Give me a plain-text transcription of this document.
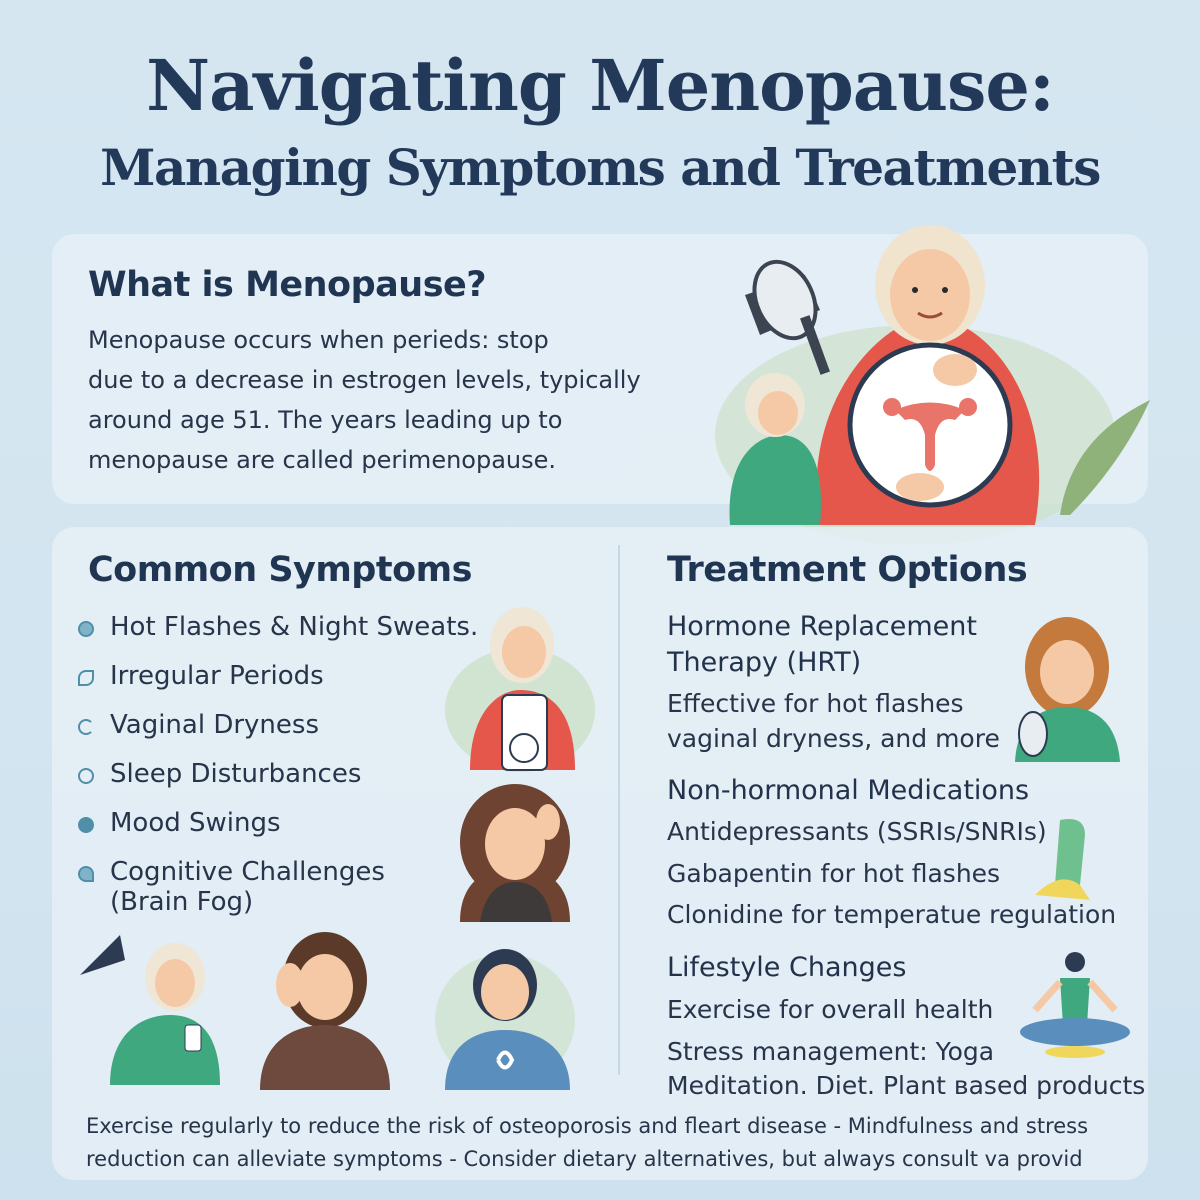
Navigating Menopause:
Managing Symptoms and Treatments
What is Menopause?
Menopause occurs when periеds: stop
due to a decrease in estrogen levels, typically
around age 51. The years leading up to
menopause are called perimenopause.
Common Symptoms
Hot Flashes & Night Sweats.
Irregular Periods
Vaginal Dryness
Sleep Disturbances
Mood Swings
Cognitive Challenges
(Brain Fog)
Treatment Options
Hormone Replacement
Therapy (HRT)
Effective for hot flashes
vaginal dryness, and more
Non-hormonal Medications
Antidepressants (SSRIs/SNRIs)
Gabapentin for hot flashes
Clonidine for temperatue regulation
Lifestyle Changes
Exercise for overall health
Stress management: Yoga
Meditation. Diet. Plant вased products
Exercise regularly to reduce the risk of osteoporosis and fleart disease - Mindfulness and stress
reduction can alleviate symptoms - Consider dietary alternatives, but always consult va provid
